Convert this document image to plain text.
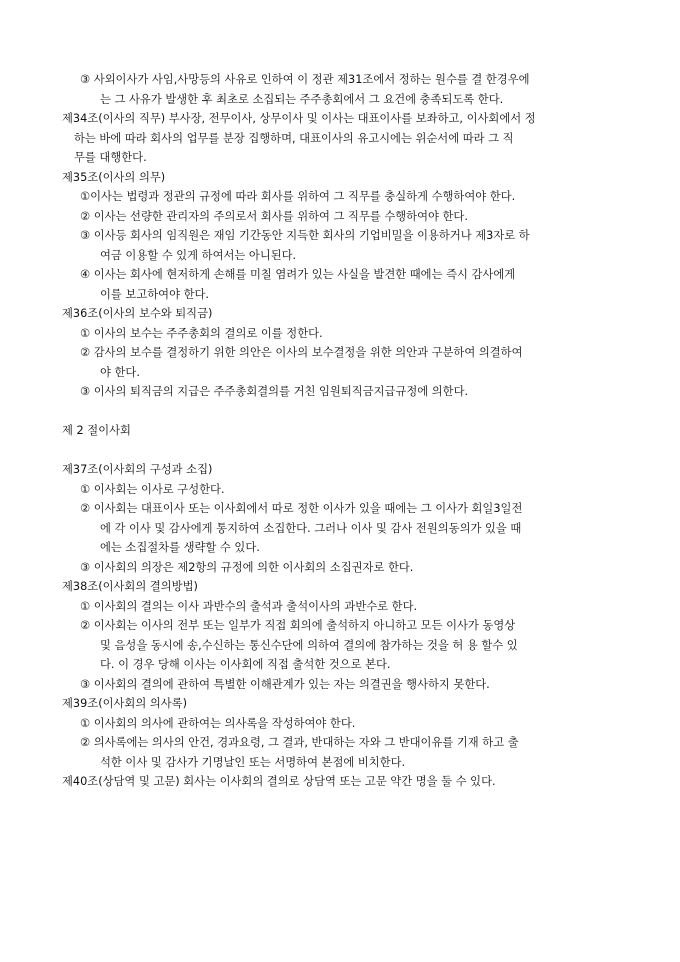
③ 사외이사가 사임,사망등의 사유로 인하여 이 정관 제31조에서 정하는 원수를 결 한경우에

는 그 사유가 발생한 후 최초로 소집되는 주주총회에서 그 요건에 충족되도록 한다.

제34조(이사의 직무) 부사장, 전무이사, 상무이사 및 이사는 대표이사를 보좌하고, 이사회에서 정

하는 바에 따라 회사의 업무를 분장 집행하며, 대표이사의 유고시에는 위순서에 따라 그 직

무를 대행한다.

제35조(이사의 의무)

①이사는 법령과 정관의 규정에 따라 회사를 위하여 그 직무를 충실하게 수행하여야 한다.

② 이사는 선량한 관리자의 주의로서 회사를 위하여 그 직무를 수행하여야 한다.

③ 이사등 회사의 임직원은 재임 기간동안 지득한 회사의 기업비밀을 이용하거나 제3자로 하

여금 이용할 수 있게 하여서는 아니된다.

④ 이사는 회사에 현저하게 손해를 미칠 염려가 있는 사실을 발견한 때에는 즉시 감사에게

이를 보고하여야 한다.

제36조(이사의 보수와 퇴직금)

① 이사의 보수는 주주총회의 결의로 이를 정한다.

② 감사의 보수를 결정하기 위한 의안은 이사의 보수결정을 위한 의안과 구분하여 의결하여

야 한다.

③ 이사의 퇴직금의 지급은 주주총회결의를 거친 임원퇴직금지급규정에 의한다.

제 2 절이사회

제37조(이사회의 구성과 소집)

① 이사회는 이사로 구성한다.

② 이사회는 대표이사 또는 이사회에서 따로 정한 이사가 있을 때에는 그 이사가 회일3일전

에 각 이사 및 감사에게 통지하여 소집한다. 그러나 이사 및 감사 전원의동의가 있을 때

에는 소집절차를 생략할 수 있다.

③ 이사회의 의장은 제2항의 규정에 의한 이사회의 소집권자로 한다.

제38조(이사회의 결의방법)

① 이사회의 결의는 이사 과반수의 출석과 출석이사의 과반수로 한다.

② 이사회는 이사의 전부 또는 일부가 직접 회의에 출석하지 아니하고 모든 이사가 동영상

및 음성을 동시에 송,수신하는 통신수단에 의하여 결의에 참가하는 것을 허 용 할수 있

다. 이 경우 당해 이사는 이사회에 직접 출석한 것으로 본다.

③ 이사회의 결의에 관하여 특별한 이해관계가 있는 자는 의결권을 행사하지 못한다.

제39조(이사회의 의사록)

① 이사회의 의사에 관하여는 의사록을 작성하여야 한다.

② 의사록에는 의사의 안건, 경과요령, 그 결과, 반대하는 자와 그 반대이유를 기재 하고 출

석한 이사 및 감사가 기명날인 또는 서명하여 본점에 비치한다.

제40조(상담역 및 고문) 회사는 이사회의 결의로 상담역 또는 고문 약간 명을 둘 수 있다.
